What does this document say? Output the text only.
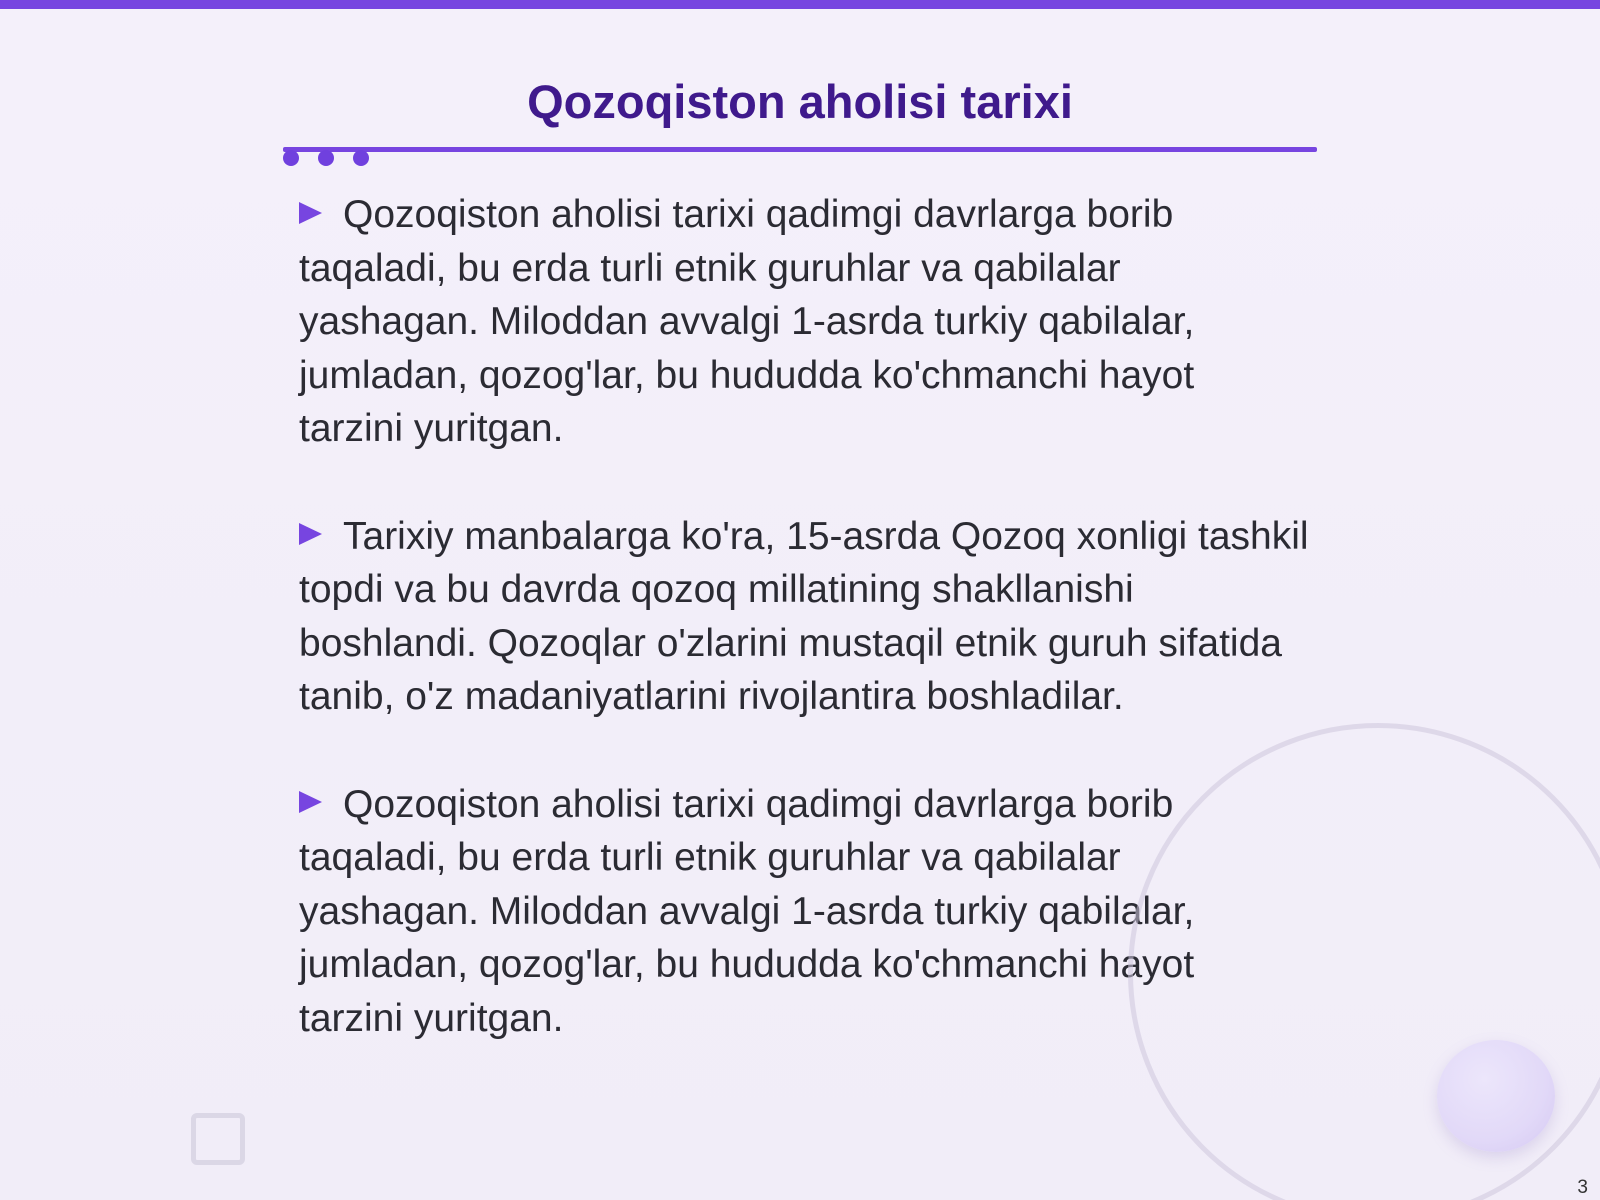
Qozoqiston aholisi tarixi
Qozoqiston aholisi tarixi qadimgi davrlarga borib taqaladi, bu erda turli etnik guruhlar va qabilalar yashagan. Miloddan avvalgi 1-asrda turkiy qabilalar, jumladan, qozog'lar, bu hududda ko'chmanchi hayot tarzini yuritgan.
Tarixiy manbalarga ko'ra, 15-asrda Qozoq xonligi tashkil topdi va bu davrda qozoq millatining shakllanishi boshlandi. Qozoqlar o'zlarini mustaqil etnik guruh sifatida tanib, o'z madaniyatlarini rivojlantira boshladilar.
Qozoqiston aholisi tarixi qadimgi davrlarga borib taqaladi, bu erda turli etnik guruhlar va qabilalar yashagan. Miloddan avvalgi 1-asrda turkiy qabilalar, jumladan, qozog'lar, bu hududda ko'chmanchi hayot tarzini yuritgan.
3
